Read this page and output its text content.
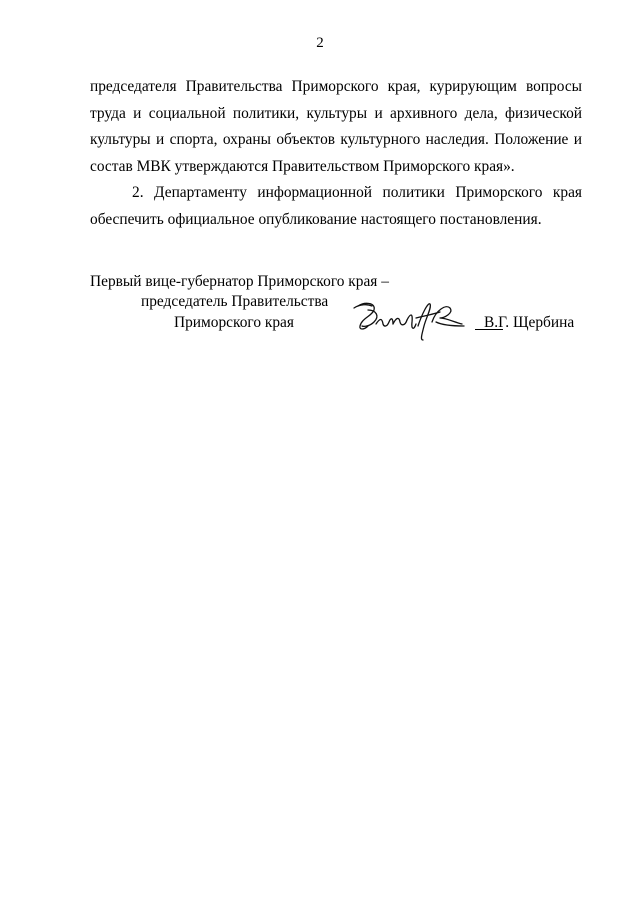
2

председателя Правительства Приморского края, курирующим вопросы труда и социальной политики, культуры и архивного дела, физической культуры и спорта, охраны объектов культурного наследия. Положение и состав МВК утверждаются Правительством Приморского края».

2. Департаменту информационной политики Приморского края обеспечить официальное опубликование настоящего постановления.

Первый вице-губернатор Приморского края –
председатель Правительства
Приморского края	В.Г. Щербина
